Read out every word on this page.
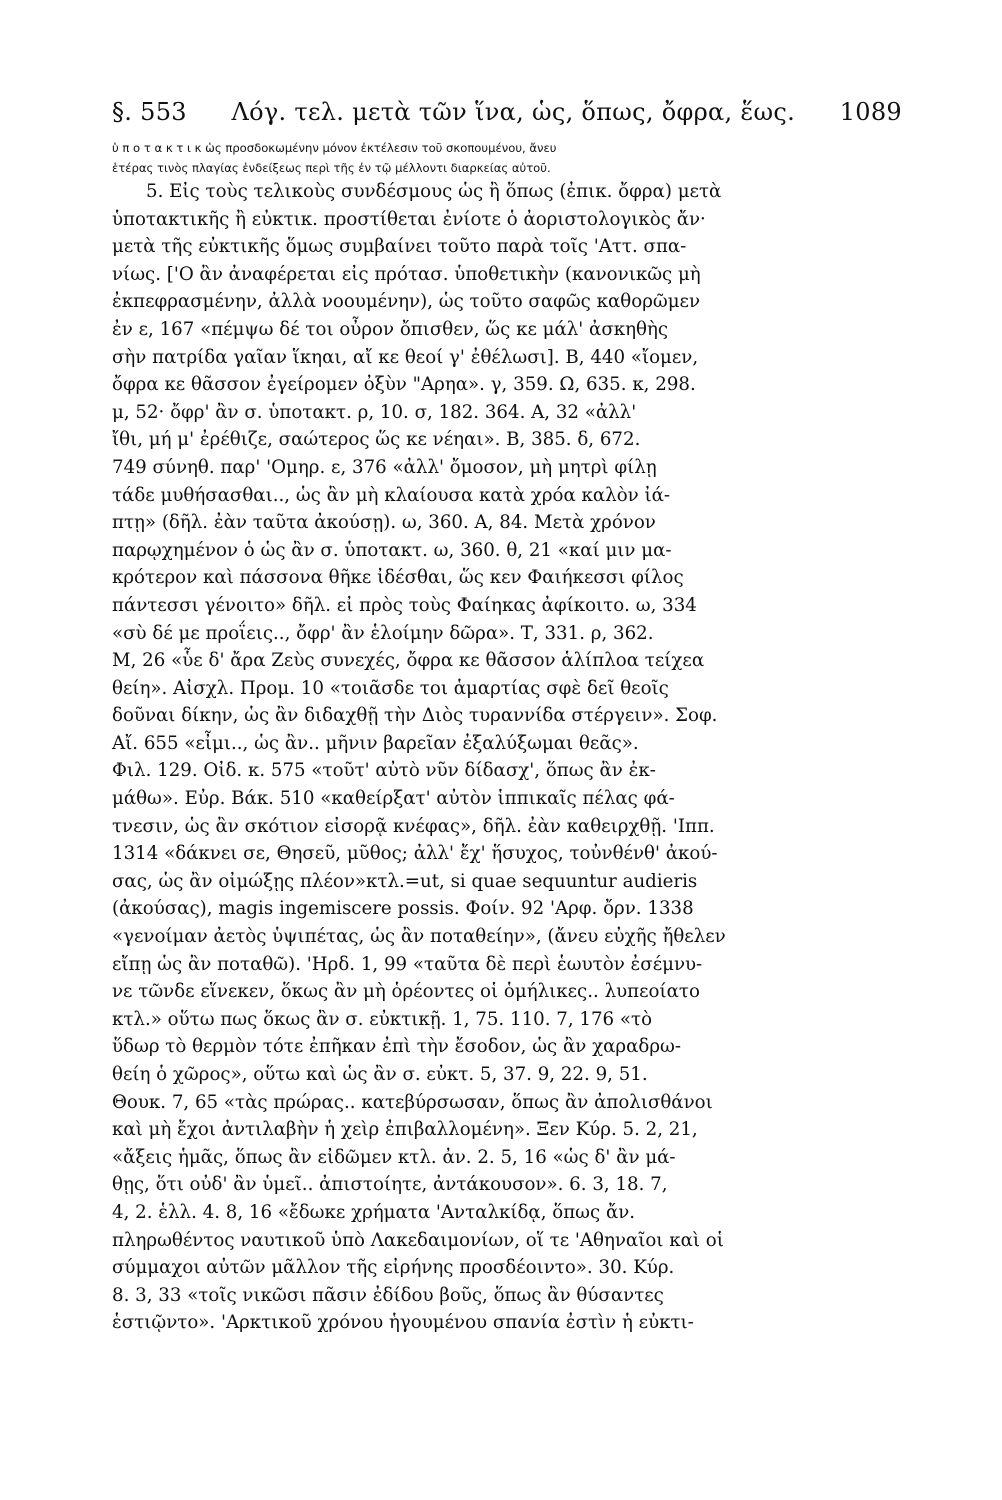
§. 553 Λόγ. τελ. μετὰ τῶν ἵνα, ὡς, ὅπως, ὄφρα, ἕως. 1089
ὑ π ο τ α κ τ ι κ ὡς προσδοκωμένην μόνον ἐκτέλεσιν τοῦ σκοπουμένου, ἄνευ
ἑτέρας τινὸς πλαγίας ἐνδείξεως περὶ τῆς ἐν τῷ μέλλοντι διαρκείας αὐτοῦ.
5. Εἰς τοὺς τελικοὺς συνδέσμους ὡς ἢ ὅπως (ἐπικ. ὄφρα) μετὰ
ὑποτακτικῆς ἢ εὐκτικ. προστίθεται ἐνίοτε ὁ ἀοριστολογικὸς ἄν·
μετὰ τῆς εὐκτικῆς ὅμως συμβαίνει τοῦτο παρὰ τοῖς 'Αττ. σπα-
νίως. ['Ο ἂν ἀναφέρεται εἰς πρότασ. ὑποθετικὴν (κανονικῶς μὴ
ἐκπεφρασμένην, ἀλλὰ νοουμένην), ὡς τοῦτο σαφῶς καθορῶμεν
ἐν ε, 167 «πέμψω δέ τοι οὖρον ὄπισθεν, ὥς κε μάλ' ἀσκηθὴς
σὴν πατρίδα γαῖαν ἵκηαι, αἴ κε θεοί γ' ἐθέλωσι]. Β, 440 «ἴομεν,
ὄφρα κε θᾶσσον ἐγείρομεν ὀξὺν "Αρηα». γ, 359. Ω, 635. κ, 298.
μ, 52· ὄφρ' ἂν σ. ὑποτακτ. ρ, 10. σ, 182. 364. Α, 32 «ἀλλ'
ἴθι, μή μ' ἐρέθιζε, σαώτερος ὥς κε νέηαι». Β, 385. δ, 672.
749 σύνηθ. παρ' 'Ομηρ. ε, 376 «ἀλλ' ὄμοσον, μὴ μητρὶ φίλῃ
τάδε μυθήσασθαι.., ὡς ἂν μὴ κλαίουσα κατὰ χρόα καλὸν ἰά-
πτῃ» (δῆλ. ἐὰν ταῦτα ἀκούσῃ). ω, 360. Α, 84. Μετὰ χρόνον
παρῳχημένον ὁ ὡς ἂν σ. ὑποτακτ. ω, 360. θ, 21 «καί μιν μα-
κρότερον καὶ πάσσονα θῆκε ἰδέσθαι, ὥς κεν Φαιήκεσσι φίλος
πάντεσσι γένοιτο» δῆλ. εἰ πρὸς τοὺς Φαίηκας ἀφίκοιτο. ω, 334
«σὺ δέ με προΐεις.., ὄφρ' ἂν ἑλοίμην δῶρα». Τ, 331. ρ, 362.
Μ, 26 «ὗε δ' ἄρα Ζεὺς συνεχές, ὄφρα κε θᾶσσον ἁλίπλοα τείχεα
θείη». Αἰσχλ. Προμ. 10 «τοιᾶσδε τοι ἁμαρτίας σφὲ δεῖ θεοῖς
δοῦναι δίκην, ὡς ἂν διδαχθῇ τὴν Διὸς τυραννίδα στέργειν». Σοφ.
Αἴ. 655 «εἶμι.., ὡς ἂν.. μῆνιν βαρεῖαν ἐξαλύξωμαι θεᾶς».
Φιλ. 129. Οἰδ. κ. 575 «τοῦτ' αὐτὸ νῦν δίδασχ', ὅπως ἂν ἐκ-
μάθω». Εὐρ. Βάκ. 510 «καθείρξατ' αὐτὸν ἱππικαῖς πέλας φά-
τνεσιν, ὡς ἂν σκότιον εἰσορᾷ κνέφας», δῆλ. ἐὰν καθειρχθῇ. 'Ιππ.
1314 «δάκνει σε, Θησεῦ, μῦθος; ἀλλ' ἔχ' ἥσυχος, τοὐνθένθ' ἀκού-
σας, ὡς ἂν οἰμώξῃς πλέον»κτλ.=ut, si quae sequuntur audieris
(ἀκούσας), magis ingemiscere possis. Φοίν. 92 'Αρφ. ὄρν. 1338
«γενοίμαν ἀετὸς ὑψιπέτας, ὡς ἂν ποταθείην», (ἄνευ εὐχῆς ἤθελεν
εἴπῃ ὡς ἂν ποταθῶ). 'Ηρδ. 1, 99 «ταῦτα δὲ περὶ ἑωυτὸν ἐσέμνυ-
νε τῶνδε εἵνεκεν, ὅκως ἂν μὴ ὁρέοντες οἱ ὁμήλικες.. λυπεοίατο
κτλ.» οὕτω πως ὅκως ἂν σ. εὐκτικῇ. 1, 75. 110. 7, 176 «τὸ
ὕδωρ τὸ θερμὸν τότε ἐπῆκαν ἐπὶ τὴν ἔσοδον, ὡς ἂν χαραδρω-
θείη ὁ χῶρος», οὕτω καὶ ὡς ἂν σ. εὐκτ. 5, 37. 9, 22. 9, 51.
Θουκ. 7, 65 «τὰς πρώρας.. κατεβύρσωσαν, ὅπως ἂν ἀπολισθάνοι
καὶ μὴ ἔχοι ἀντιλαβὴν ἡ χεὶρ ἐπιβαλλομένη». Ξεν Κύρ. 5. 2, 21,
«ἄξεις ἡμᾶς, ὅπως ἂν εἰδῶμεν κτλ. ἀν. 2. 5, 16 «ὡς δ' ἂν μά-
θῃς, ὅτι οὐδ' ἂν ὑμεῖ.. ἀπιστοίητε, ἀντάκουσον». 6. 3, 18. 7,
4, 2. ἑλλ. 4. 8, 16 «ἔδωκε χρήματα 'Ανταλκίδᾳ, ὅπως ἄν.
πληρωθέντος ναυτικοῦ ὑπὸ Λακεδαιμονίων, οἵ τε 'Αθηναῖοι καὶ οἱ
σύμμαχοι αὐτῶν μᾶλλον τῆς εἰρήνης προσδέοιντο». 30. Κύρ.
8. 3, 33 «τοῖς νικῶσι πᾶσιν ἐδίδου βοῦς, ὅπως ἂν θύσαντες
ἑστιῷντο». 'Αρκτικοῦ χρόνου ἡγουμένου σπανία ἐστὶν ἡ εὐκτι-
